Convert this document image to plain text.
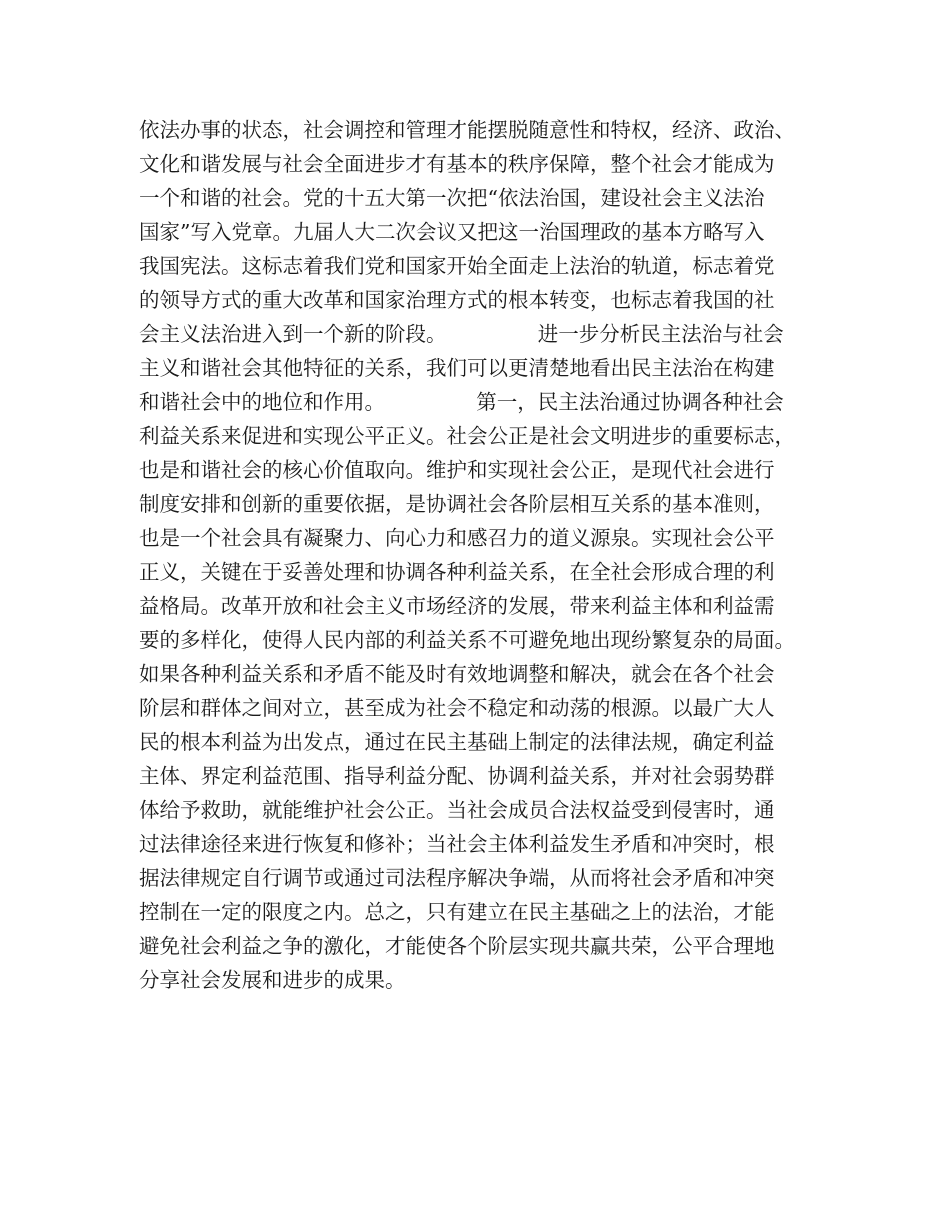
依法办事的状态，社会调控和管理才能摆脱随意性和特权，经济、政治、
文化和谐发展与社会全面进步才有基本的秩序保障，整个社会才能成为
一个和谐的社会。党的十五大第一次把“依法治国，建设社会主义法治
国家”写入党章。九届人大二次会议又把这一治国理政的基本方略写入
我国宪法。这标志着我们党和国家开始全面走上法治的轨道，标志着党
的领导方式的重大改革和国家治理方式的根本转变，也标志着我国的社
会主义法治进入到一个新的阶段。              进一步分析民主法治与社会
主义和谐社会其他特征的关系，我们可以更清楚地看出民主法治在构建
和谐社会中的地位和作用。              第一，民主法治通过协调各种社会
利益关系来促进和实现公平正义。社会公正是社会文明进步的重要标志，
也是和谐社会的核心价值取向。维护和实现社会公正，是现代社会进行
制度安排和创新的重要依据，是协调社会各阶层相互关系的基本准则，
也是一个社会具有凝聚力、向心力和感召力的道义源泉。实现社会公平
正义，关键在于妥善处理和协调各种利益关系，在全社会形成合理的利
益格局。改革开放和社会主义市场经济的发展，带来利益主体和利益需
要的多样化，使得人民内部的利益关系不可避免地出现纷繁复杂的局面。
如果各种利益关系和矛盾不能及时有效地调整和解决，就会在各个社会
阶层和群体之间对立，甚至成为社会不稳定和动荡的根源。以最广大人
民的根本利益为出发点，通过在民主基础上制定的法律法规，确定利益
主体、界定利益范围、指导利益分配、协调利益关系，并对社会弱势群
体给予救助，就能维护社会公正。当社会成员合法权益受到侵害时，通
过法律途径来进行恢复和修补；当社会主体利益发生矛盾和冲突时，根
据法律规定自行调节或通过司法程序解决争端，从而将社会矛盾和冲突
控制在一定的限度之内。总之，只有建立在民主基础之上的法治，才能
避免社会利益之争的激化，才能使各个阶层实现共赢共荣，公平合理地
分享社会发展和进步的成果。
